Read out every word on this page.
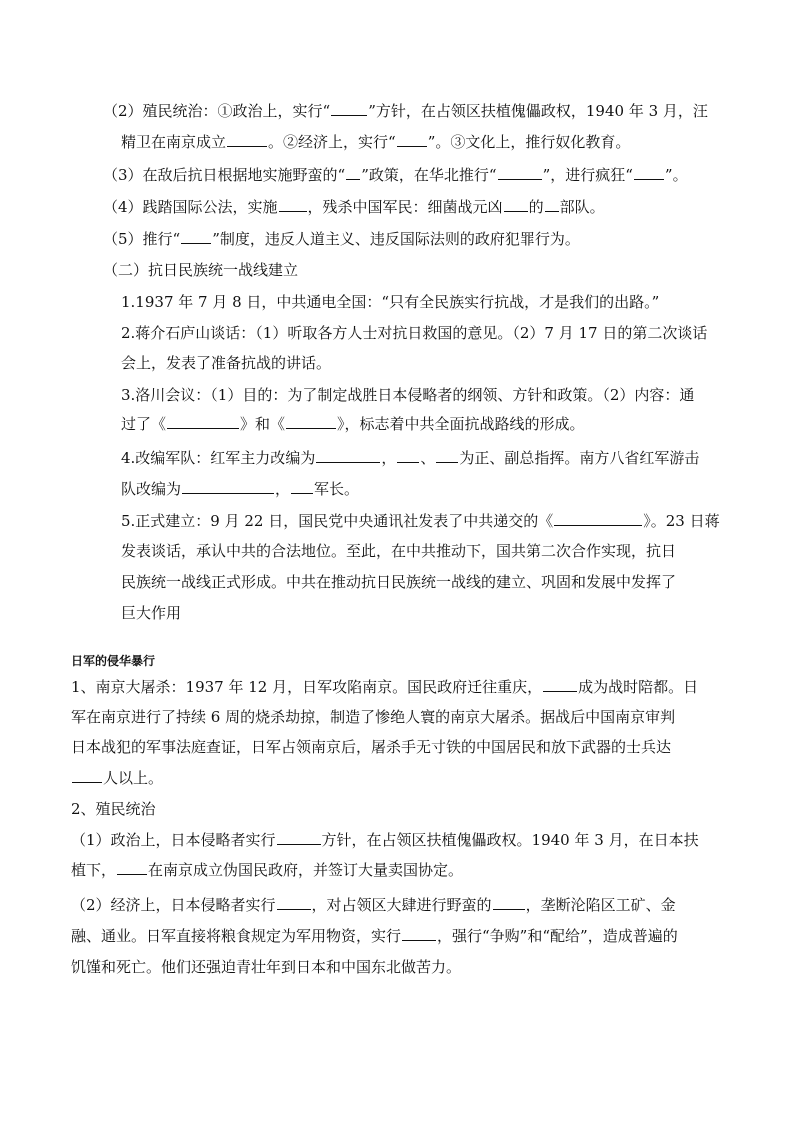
（2）殖民统治：①政治上，实行“	”方针，在占领区扶植傀儡政权，1940 年 3 月，汪

精卫在南京成立	。②经济上，实行“ ”。③文化上，推行奴化教育。

（3）在敌后抗日根据地实施野蛮的“ ”政策，在华北推行“	”，进行疯狂“ ”。

（4）践踏国际公法，实施 ，残杀中国军民：细菌战元凶 的 部队。

（5）推行“ ”制度，违反人道主义、违反国际法则的政府犯罪行为。

（二）抗日民族统一战线建立

1.1937 年 7 月 8 日，中共通电全国：“只有全民族实行抗战，才是我们的出路。”

2.蒋介石庐山谈话：（1）听取各方人士对抗日救国的意见。（2）7 月 17 日的第二次谈话

会上，发表了准备抗战的讲话。

3.洛川会议：（1）目的：为了制定战胜日本侵略者的纲领、方针和政策。（2）内容：通

过了《	》和《	》，标志着中共全面抗战路线的形成。

4.改编军队：红军主力改编为	， 、 为正、副总指挥。南方八省红军游击

队改编为	， 军长。

5.正式建立：9 月 22 日，国民党中央通讯社发表了中共递交的《	》。23 日蒋

发表谈话，承认中共的合法地位。至此，在中共推动下，国共第二次合作实现，抗日

民族统一战线正式形成。中共在推动抗日民族统一战线的建立、巩固和发展中发挥了

巨大作用

日军的侵华暴行

1、南京大屠杀：1937 年 12 月，日军攻陷南京。国民政府迁往重庆， 成为战时陪都。日

军在南京进行了持续 6 周的烧杀劫掠，制造了惨绝人寰的南京大屠杀。据战后中国南京审判

日本战犯的军事法庭查证，日军占领南京后，屠杀手无寸铁的中国居民和放下武器的士兵达

人以上。

2、殖民统治

（1）政治上，日本侵略者实行	方针，在占领区扶植傀儡政权。1940 年 3 月，在日本扶

植下， 在南京成立伪国民政府，并签订大量卖国协定。

（2）经济上，日本侵略者实行 ，对占领区大肆进行野蛮的 ，垄断沦陷区工矿、金

融、通业。日军直接将粮食规定为军用物资，实行 ，强行“争购”和“配给”，造成普遍的

饥馑和死亡。他们还强迫青壮年到日本和中国东北做苦力。
